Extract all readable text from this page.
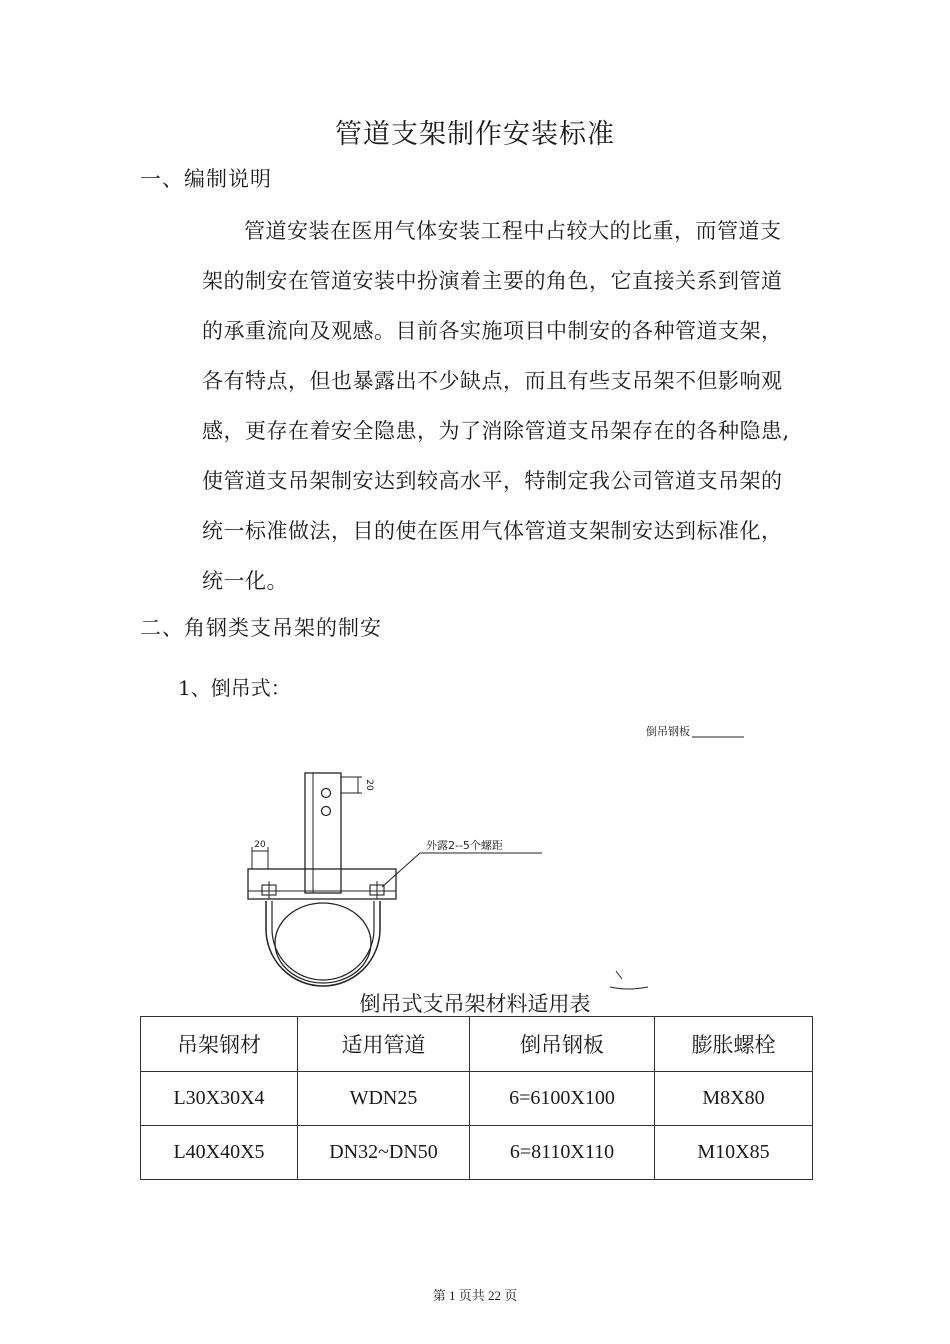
管道支架制作安装标准
一、编制说明
管道安装在医用气体安装工程中占较大的比重，而管道支
架的制安在管道安装中扮演着主要的角色，它直接关系到管道
的承重流向及观感。目前各实施项目中制安的各种管道支架，
各有特点，但也暴露出不少缺点，而且有些支吊架不但影响观
感，更存在着安全隐患，为了消除管道支吊架存在的各种隐患,
使管道支吊架制安达到较高水平，特制定我公司管道支吊架的
统一标准做法，目的使在医用气体管道支架制安达到标准化，
统一化。
二、角钢类支吊架的制安
1、倒吊式：
倒吊钢板
20
20	外露2--5个螺距
倒吊式支吊架材料适用表
吊架钢材	适用管道	倒吊钢板	膨胀螺栓
L30X30X4	WDN25	6=6100X100	M8X80
L40X40X5	DN32~DN50	6=8110X110	M10X85
第 1 页共 22 页
